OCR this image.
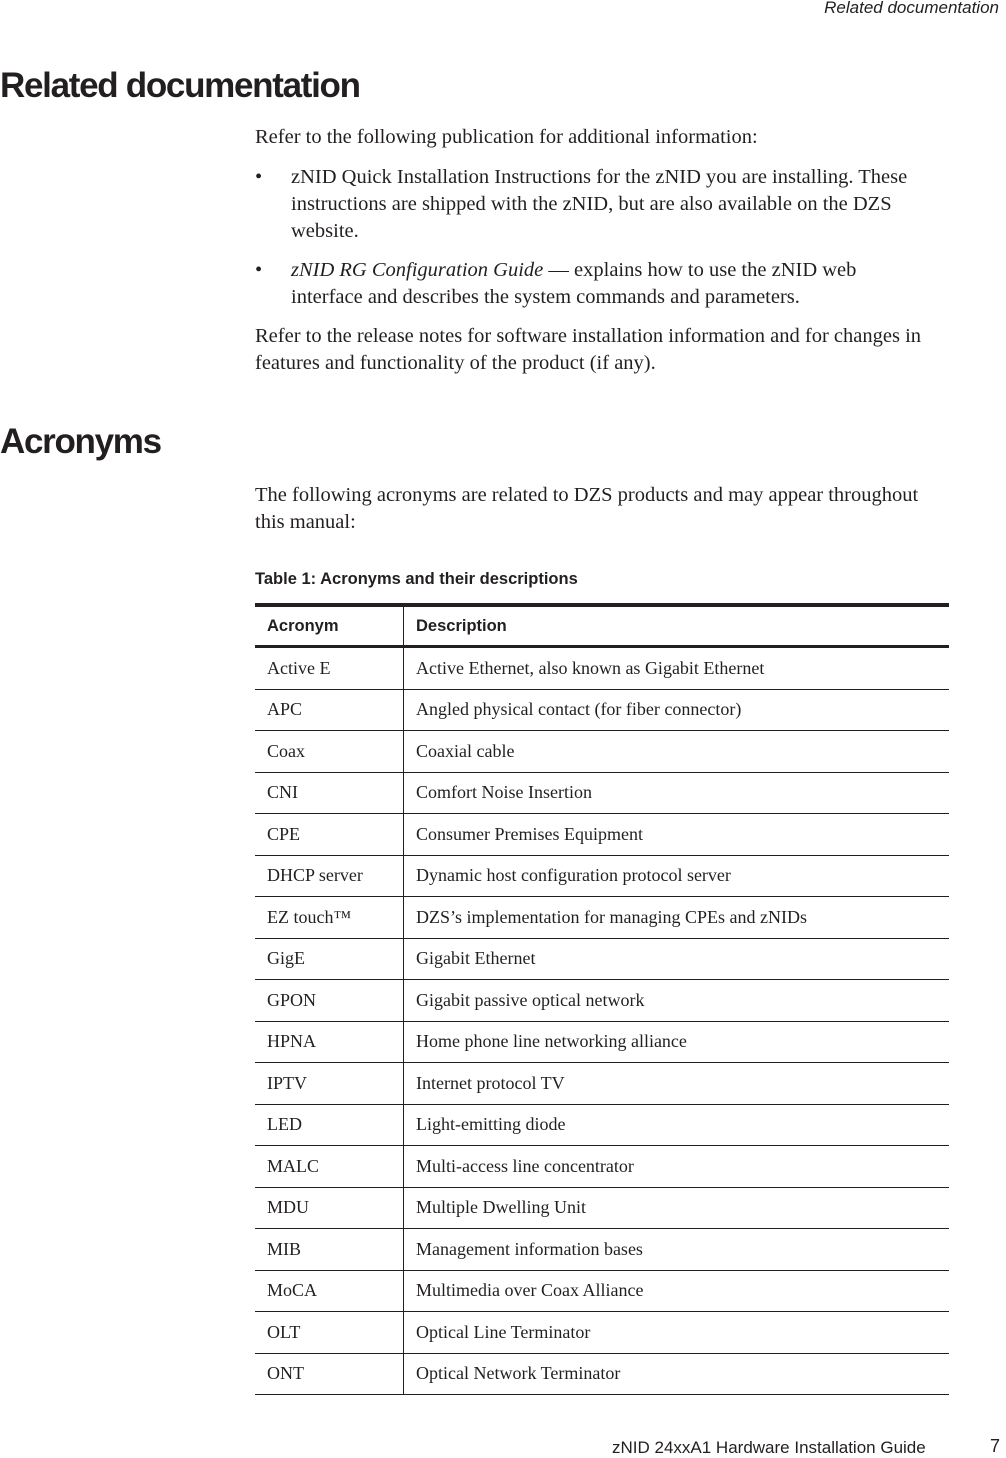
Related documentation
Related documentation
Refer to the following publication for additional information:
• zNID Quick Installation Instructions for the zNID you are installing. These instructions are shipped with the zNID, but are also available on the DZS website.
• zNID RG Configuration Guide — explains how to use the zNID web interface and describes the system commands and parameters.
Refer to the release notes for software installation information and for changes in features and functionality of the product (if any).
Acronyms
The following acronyms are related to DZS products and may appear throughout this manual:
Table 1: Acronyms and their descriptions
Acronym	Description
Active E	Active Ethernet, also known as Gigabit Ethernet
APC	Angled physical contact (for fiber connector)
Coax	Coaxial cable
CNI	Comfort Noise Insertion
CPE	Consumer Premises Equipment
DHCP server	Dynamic host configuration protocol server
EZ touch™	DZS’s implementation for managing CPEs and zNIDs
GigE	Gigabit Ethernet
GPON	Gigabit passive optical network
HPNA	Home phone line networking alliance
IPTV	Internet protocol TV
LED	Light-emitting diode
MALC	Multi-access line concentrator
MDU	Multiple Dwelling Unit
MIB	Management information bases
MoCA	Multimedia over Coax Alliance
OLT	Optical Line Terminator
ONT	Optical Network Terminator
zNID 24xxA1 Hardware Installation Guide	7
